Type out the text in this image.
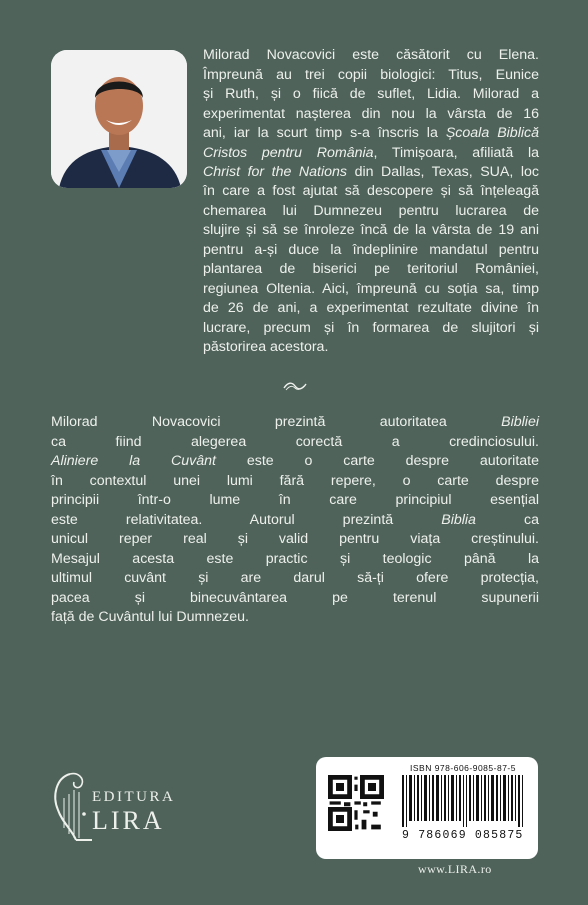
Milorad Novacovici este căsătorit cu Elena.
Împreună au trei copii biologici: Titus, Eunice
și Ruth, și o fiică de suflet, Lidia. Milorad a
experimentat nașterea din nou la vârsta de 16
ani, iar la scurt timp s-a înscris la Școala Biblică
Cristos pentru România, Timișoara, afiliată la
Christ for the Nations din Dallas, Texas, SUA, loc
în care a fost ajutat să descopere și să înțeleagă
chemarea lui Dumnezeu pentru lucrarea de
slujire și să se înroleze încă de la vârsta de 19 ani
pentru a-și duce la îndeplinire mandatul pentru
plantarea de biserici pe teritoriul României,
regiunea Oltenia. Aici, împreună cu soția sa, timp
de 26 de ani, a experimentat rezultate divine în
lucrare, precum și în formarea de slujitori și
păstorirea acestora.
Milorad Novacovici prezintă autoritatea Bibliei
ca fiind alegerea corectă a credinciosului.
Aliniere la Cuvânt este o carte despre autoritate
în contextul unei lumi fără repere, o carte despre
principii într-o lume în care principiul esențial
este relativitatea. Autorul prezintă Biblia ca
unicul reper real și valid pentru viața creștinului.
Mesajul acesta este practic și teologic până la
ultimul cuvânt și are darul să-ți ofere protecția,
pacea și binecuvântarea pe terenul supunerii
față de Cuvântul lui Dumnezeu.
EDITURA
LIRA
ISBN 978-606-9085-87-5
9 786069 085875
www.LIRA.ro
